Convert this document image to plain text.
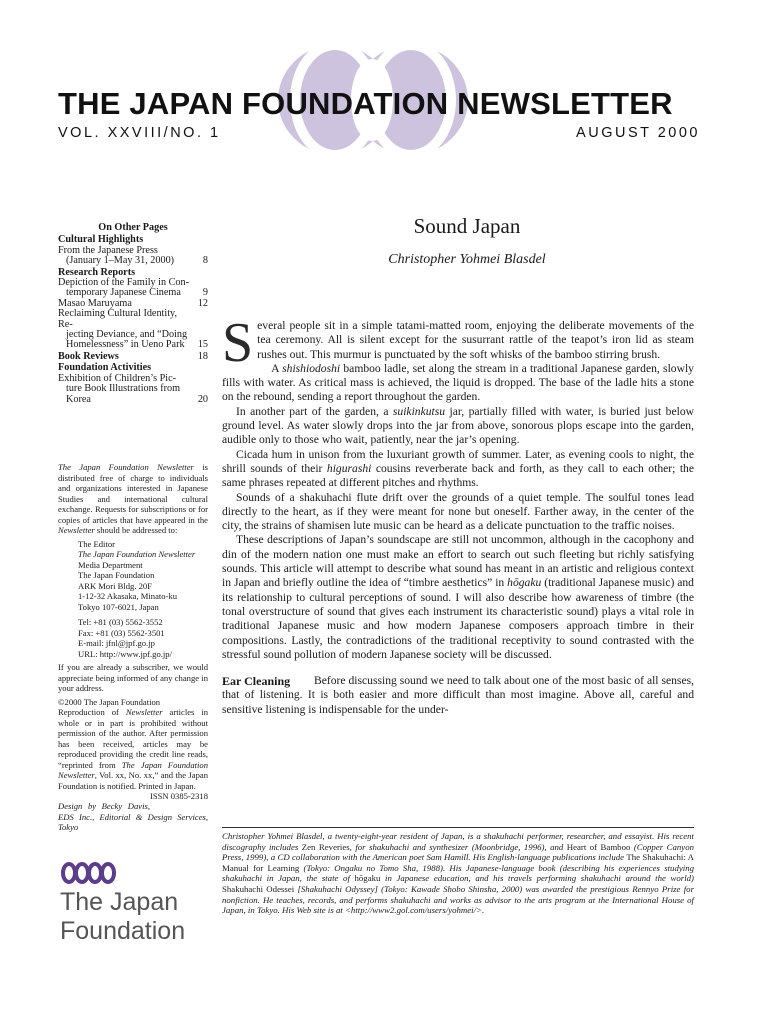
THE JAPAN FOUNDATION NEWSLETTER
VOL. XXVIII/NO. 1	AUGUST 2000
On Other Pages
Cultural Highlights
From the Japanese Press
(January 1–May 31, 2000)	8
Research Reports
Depiction of the Family in Con-
temporary Japanese Cinema	9
Masao Maruyama	12
Reclaiming Cultural Identity, Re-
jecting Deviance, and “Doing
Homelessness” in Ueno Park	15
Book Reviews	18
Foundation Activities
Exhibition of Children’s Pic-
ture Book Illustrations from
Korea	20

The Japan Foundation Newsletter is distributed free of charge to individuals and organizations interested in Japanese Studies and international cultural exchange. Requests for subscriptions or for copies of articles that have appeared in the Newsletter should be addressed to:

The Editor
The Japan Foundation Newsletter
Media Department
The Japan Foundation
ARK Mori Bldg. 20F
1-12-32 Akasaka, Minato-ku
Tokyo 107-6021, Japan
Tel: +81 (03) 5562-3552
Fax: +81 (03) 5562-3501
E-mail: jfnl@jpf.go.jp
URL: http://www.jpf.go.jp/

If you are already a subscriber, we would appreciate being informed of any change in your address.

©2000 The Japan Foundation

Reproduction of Newsletter articles in whole or in part is prohibited without permission of the author. After permission has been received, articles may be reproduced providing the credit line reads, “reprinted from The Japan Foundation Newsletter, Vol. xx, No. xx,” and the Japan Foundation is notified. Printed in Japan.
ISSN 0385-2318

Design by Becky Davis, EDS Inc., Editorial & Design Services, Tokyo

The Japan
Foundation
Sound Japan
Christopher Yohmei Blasdel

Several people sit in a simple tatami-matted room, enjoying the deliberate movements of the tea ceremony. All is silent except for the susurrant rattle of the teapot’s iron lid as steam rushes out. This murmur is punctuated by the soft whisks of the bamboo stirring brush.

A shishiodoshi bamboo ladle, set along the stream in a traditional Japanese garden, slowly fills with water. As critical mass is achieved, the liquid is dropped. The base of the ladle hits a stone on the rebound, sending a report throughout the garden.

In another part of the garden, a suikinkutsu jar, partially filled with water, is buried just below ground level. As water slowly drops into the jar from above, sonorous plops escape into the garden, audible only to those who wait, patiently, near the jar’s opening.

Cicada hum in unison from the luxuriant growth of summer. Later, as evening cools to night, the shrill sounds of their higurashi cousins reverberate back and forth, as they call to each other; the same phrases repeated at different pitches and rhythms.

Sounds of a shakuhachi flute drift over the grounds of a quiet temple. The soulful tones lead directly to the heart, as if they were meant for none but oneself. Farther away, in the center of the city, the strains of shamisen lute music can be heard as a delicate punctuation to the traffic noises.

These descriptions of Japan’s soundscape are still not uncommon, although in the cacophony and din of the modern nation one must make an effort to search out such fleeting but richly satisfying sounds. This article will attempt to describe what sound has meant in an artistic and religious context in Japan and briefly outline the idea of “timbre aesthetics” in hōgaku (traditional Japanese music) and its relationship to cultural perceptions of sound. I will also describe how awareness of timbre (the tonal overstructure of sound that gives each instrument its characteristic sound) plays a vital role in traditional Japanese music and how modern Japanese composers approach timbre in their compositions. Lastly, the contradictions of the traditional receptivity to sound contrasted with the stressful sound pollution of modern Japanese society will be discussed.

Ear Cleaning	Before discussing sound we need to talk about one of the most basic of all senses, that of listening. It is both easier and more difficult than most imagine. Above all, careful and sensitive listening is indispensable for the under-

Christopher Yohmei Blasdel, a twenty-eight-year resident of Japan, is a shakuhachi performer, researcher, and essayist. His recent discography includes Zen Reveries, for shakuhachi and synthesizer (Moonbridge, 1996), and Heart of Bamboo (Copper Canyon Press, 1999), a CD collaboration with the American poet Sam Hamill. His English-language publications include The Shakuhachi: A Manual for Learning (Tokyo: Ongaku no Tomo Sha, 1988). His Japanese-language book (describing his experiences studying shakuhachi in Japan, the state of hōgaku in Japanese education, and his travels performing shakuhachi around the world) Shakuhachi Odessei [Shakuhachi Odyssey] (Tokyo: Kawade Shobo Shinsha, 2000) was awarded the prestigious Rennyo Prize for nonfiction. He teaches, records, and performs shakuhachi and works as advisor to the arts program at the International House of Japan, in Tokyo. His Web site is at <http://www2.gol.com/users/yohmei/>.
